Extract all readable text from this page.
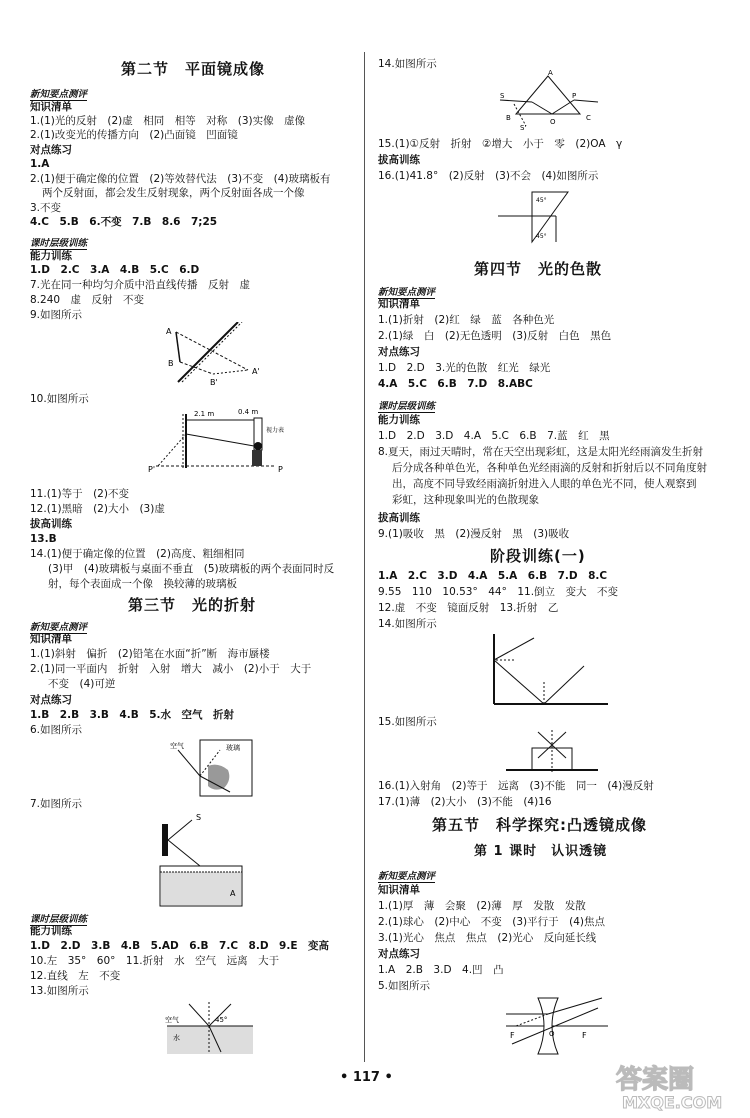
第二节　平面镜成像
新知要点测评
知识清单
1.(1)光的反射　(2)虚　相同　相等　对称　(3)实像　虚像
2.(1)改变光的传播方向　(2)凸面镜　凹面镜
对点练习
1.A
2.(1)便于确定像的位置　(2)等效替代法　(3)不变　(4)玻璃板有
两个反射面，都会发生反射现象，两个反射面各成一个像
3.不变
4.C　5.B　6.不变　7.B　8.6　7;25
课时层级训练
能力训练
1.D　2.C　3.A　4.B　5.C　6.D
7.光在同一种均匀介质中沿直线传播　反射　虚
8.240　虚　反射　不变
9.如图所示
A
B
B'
A'
10.如图所示
2.1 m	0.4 m
视力表
P
P'
11.(1)等于　(2)不变
12.(1)黑暗　(2)大小　(3)虚
拔高训练
13.B
14.(1)便于确定像的位置　(2)高度、粗细相同
(3)甲　(4)玻璃板与桌面不垂直　(5)玻璃板的两个表面同时反
射，每个表面成一个像　换较薄的玻璃板
第三节　光的折射
新知要点测评
知识清单
1.(1)斜射　偏折　(2)铅笔在水面“折”断　海市蜃楼
2.(1)同一平面内　折射　入射　增大　减小　(2)小于　大于
不变　(4)可逆
对点练习
1.B　2.B　3.B　4.B　5.水　空气　折射
6.如图所示
空气	玻璃
7.如图所示
S
A
课时层级训练
能力训练
1.D　2.D　3.B　4.B　5.AD　6.B　7.C　8.D　9.E　变高
10.左　35°　60°　11.折射　水　空气　远离　大于
12.直线　左　不变
13.如图所示
空气
水
45°
14.如图所示
A
S
B	O
P
C
S'
15.(1)①反射　折射　②增大　小于　零　(2)OA　γ
拔高训练
16.(1)41.8°　(2)反射　(3)不会　(4)如图所示
45°
45°
第四节　光的色散
新知要点测评
知识清单
1.(1)折射　(2)红　绿　蓝　各种色光
2.(1)绿　白　(2)无色透明　(3)反射　白色　黑色
对点练习
1.D　2.D　3.光的色散　红光　绿光
4.A　5.C　6.B　7.D　8.ABC
课时层级训练
能力训练
1.D　2.D　3.D　4.A　5.C　6.B　7.蓝　红　黑
8.夏天，雨过天晴时，常在天空出现彩虹，这是太阳光经雨滴发生折射
后分成各种单色光，各种单色光经雨滴的反射和折射后以不同角度射
出，高度不同导致经雨滴折射进入人眼的单色光不同，使人观察到
彩虹，这种现象叫光的色散现象
拔高训练
9.(1)吸收　黑　(2)漫反射　黑　(3)吸收
阶段训练(一)
1.A　2.C　3.D　4.A　5.A　6.B　7.D　8.C
9.55　110　10.53°　44°　11.倒立　变大　不变
12.虚　不变　镜面反射　13.折射　乙
14.如图所示
15.如图所示
16.(1)入射角　(2)等于　远离　(3)不能　同一　(4)漫反射
17.(1)薄　(2)大小　(3)不能　(4)16
第五节　科学探究:凸透镜成像
第 1 课时　认识透镜
新知要点测评
知识清单
1.(1)厚　薄　会聚　(2)薄　厚　发散　发散
2.(1)球心　(2)中心　不变　(3)平行于　(4)焦点
3.(1)光心　焦点　焦点　(2)光心　反向延长线
对点练习
1.A　2.B　3.D　4.凹　凸
5.如图所示
F	F
O
• 117 •	答案圈
MXQE.COM
